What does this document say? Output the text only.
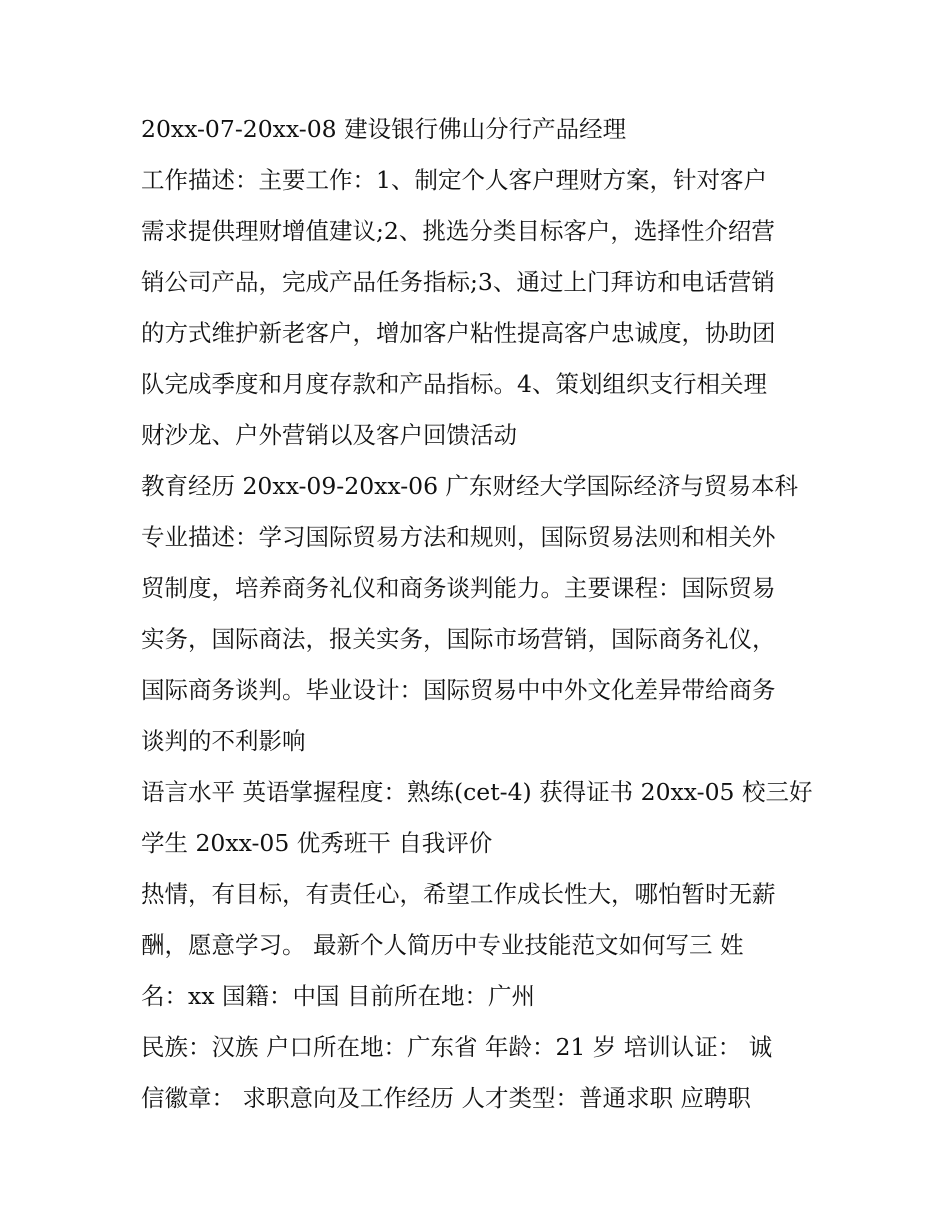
20xx-07-20xx-08 建设银行佛山分行产品经理
工作描述：主要工作：1、制定个人客户理财方案，针对客户
需求提供理财增值建议;2、挑选分类目标客户，选择性介绍营
销公司产品，完成产品任务指标;3、通过上门拜访和电话营销
的方式维护新老客户，增加客户粘性提高客户忠诚度，协助团
队完成季度和月度存款和产品指标。4、策划组织支行相关理
财沙龙、户外营销以及客户回馈活动
教育经历 20xx-09-20xx-06 广东财经大学国际经济与贸易本科
专业描述：学习国际贸易方法和规则，国际贸易法则和相关外
贸制度，培养商务礼仪和商务谈判能力。主要课程：国际贸易
实务，国际商法，报关实务，国际市场营销，国际商务礼仪，
国际商务谈判。毕业设计：国际贸易中中外文化差异带给商务
谈判的不利影响
语言水平 英语掌握程度：熟练(cet-4) 获得证书 20xx-05 校三好
学生 20xx-05 优秀班干 自我评价
热情，有目标，有责任心，希望工作成长性大，哪怕暂时无薪
酬，愿意学习。 最新个人简历中专业技能范文如何写三 姓
名：xx 国籍：中国 目前所在地：广州
民族：汉族 户口所在地：广东省 年龄：21 岁 培训认证： 诚
信徽章： 求职意向及工作经历 人才类型：普通求职 应聘职
